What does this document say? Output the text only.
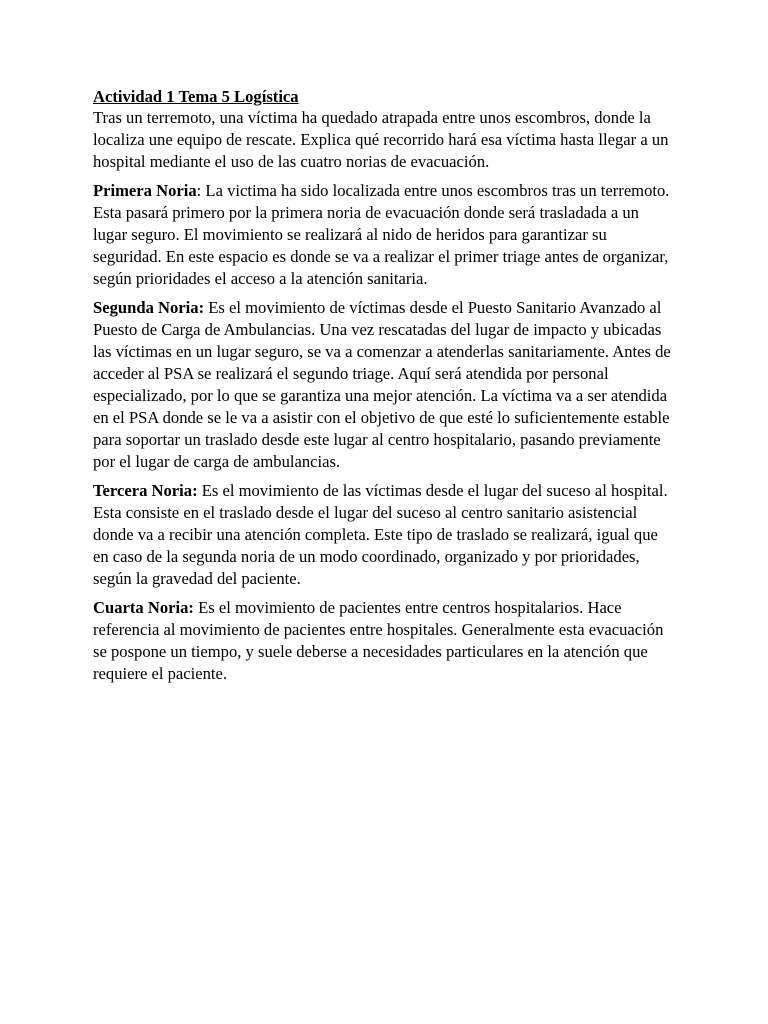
Actividad 1 Tema 5 Logística

Tras un terremoto, una víctima ha quedado atrapada entre unos escombros, donde la localiza une equipo de rescate. Explica qué recorrido hará esa víctima hasta llegar a un hospital mediante el uso de las cuatro norias de evacuación.

Primera Noria: La victima ha sido localizada entre unos escombros tras un terremoto. Esta pasará primero por la primera noria de evacuación donde será trasladada a un lugar seguro. El movimiento se realizará al nido de heridos para garantizar su seguridad. En este espacio es donde se va a realizar el primer triage antes de organizar, según prioridades el acceso a la atención sanitaria.

Segunda Noria: Es el movimiento de víctimas desde el Puesto Sanitario Avanzado al Puesto de Carga de Ambulancias. Una vez rescatadas del lugar de impacto y ubicadas las víctimas en un lugar seguro, se va a comenzar a atenderlas sanitariamente. Antes de acceder al PSA se realizará el segundo triage. Aquí será atendida por personal especializado, por lo que se garantiza una mejor atención. La víctima va a ser atendida en el PSA donde se le va a asistir con el objetivo de que esté lo suficientemente estable para soportar un traslado desde este lugar al centro hospitalario, pasando previamente por el lugar de carga de ambulancias.

Tercera Noria: Es el movimiento de las víctimas desde el lugar del suceso al hospital. Esta consiste en el traslado desde el lugar del suceso al centro sanitario asistencial donde va a recibir una atención completa. Este tipo de traslado se realizará, igual que en caso de la segunda noria de un modo coordinado, organizado y por prioridades, según la gravedad del paciente.

Cuarta Noria: Es el movimiento de pacientes entre centros hospitalarios. Hace referencia al movimiento de pacientes entre hospitales. Generalmente esta evacuación se pospone un tiempo, y suele deberse a necesidades particulares en la atención que requiere el paciente.
